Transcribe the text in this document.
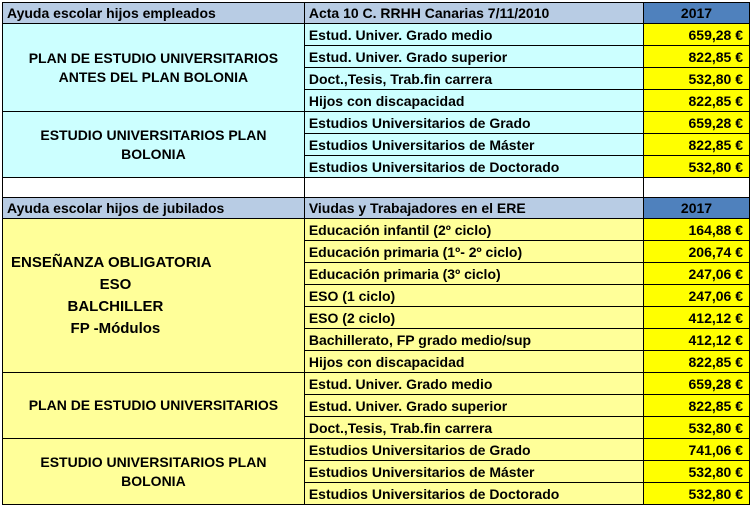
Ayuda escolar hijos empleados	Acta 10 C. RRHH Canarias 7/11/2010	2017
PLAN DE ESTUDIO UNIVERSITARIOS ANTES DEL PLAN BOLONIA	Estud. Univer. Grado medio	659,28 €
	Estud. Univer. Grado superior	822,85 €
	Doct.,Tesis, Trab.fin carrera	532,80 €
	Hijos con discapacidad	822,85 €
ESTUDIO UNIVERSITARIOS PLAN BOLONIA	Estudios Universitarios de Grado	659,28 €
	Estudios Universitarios de Máster	822,85 €
	Estudios Universitarios de Doctorado	532,80 €

Ayuda escolar hijos de jubilados	Viudas y Trabajadores en el ERE	2017

ENSEÑANZA OBLIGATORIA
ESO
BALCHILLER
FP -Módulos	Educación infantil (2º ciclo)	164,88 €
	Educación primaria (1º- 2º ciclo)	206,74 €
	Educación primaria (3º ciclo)	247,06 €
	ESO (1 ciclo)	247,06 €
	ESO (2 ciclo)	412,12 €
	Bachillerato, FP grado medio/sup	412,12 €
	Hijos con discapacidad	822,85 €
PLAN DE ESTUDIO UNIVERSITARIOS	Estud. Univer. Grado medio	659,28 €
	Estud. Univer. Grado superior	822,85 €
	Doct.,Tesis, Trab.fin carrera	532,80 €
ESTUDIO UNIVERSITARIOS PLAN BOLONIA	Estudios Universitarios de Grado	741,06 €
	Estudios Universitarios de Máster	532,80 €
	Estudios Universitarios de Doctorado	532,80 €
